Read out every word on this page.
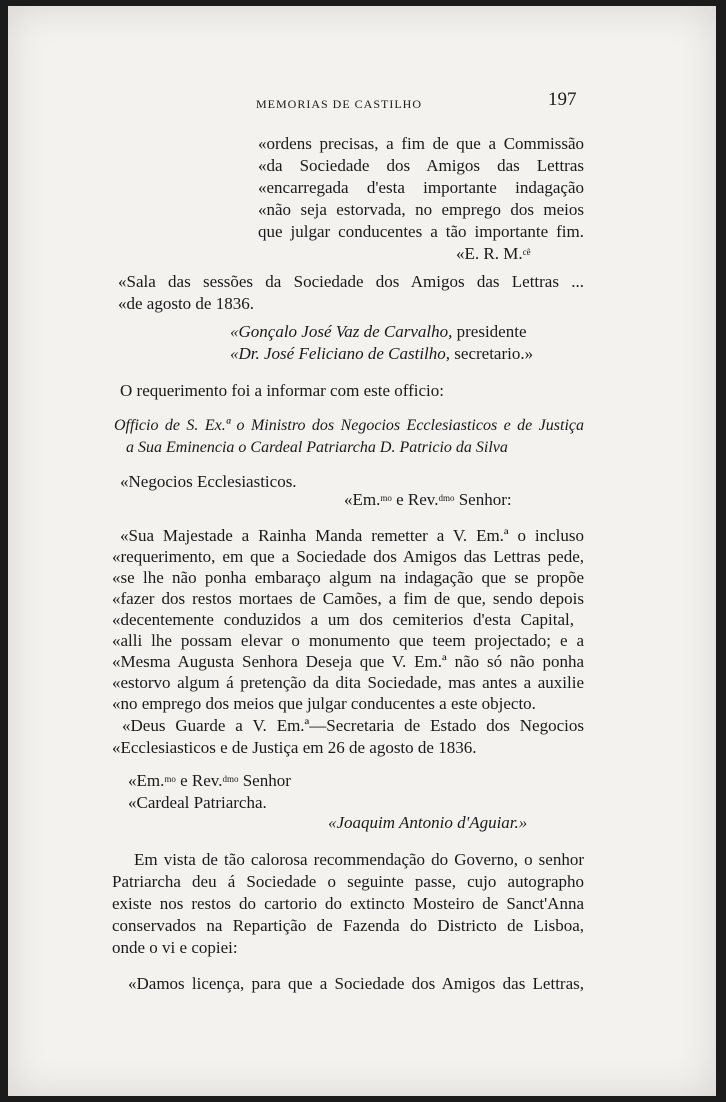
MEMORIAS DE CASTILHO	197

«ordens precisas, a fim de que a Commissão

«da Sociedade dos Amigos das Lettras

«encarregada d'esta importante indagação

«não seja estorvada, no emprego dos meios

que julgar conducentes a tão importante fim.

«E. R. M.$^{cê}$

«Sala das sessões da Sociedade dos Amigos das Lettras ...

«de agosto de 1836.

«Gonçalo José Vaz de Carvalho, presidente

«Dr. José Feliciano de Castilho, secretario.»

O requerimento foi a informar com este officio:

Officio de S. Ex.ª o Ministro dos Negocios Ecclesiasticos e de Justiça

a Sua Eminencia o Cardeal Patriarcha D. Patricio da Silva

«Negocios Ecclesiasticos.

«Em.$^{mo}$ e Rev.$^{dmo}$ Senhor:

«Sua Majestade a Rainha Manda remetter a V. Em.ª o incluso

«requerimento, em que a Sociedade dos Amigos das Lettras pede,

«se lhe não ponha embaraço algum na indagação que se propõe

«fazer dos restos mortaes de Camões, a fim de que, sendo depois

«decentemente conduzidos a um dos cemiterios d'esta Capital,

«alli lhe possam elevar o monumento que teem projectado; e a

«Mesma Augusta Senhora Deseja que V. Em.ª não só não ponha

«estorvo algum á pretenção da dita Sociedade, mas antes a auxilie

«no emprego dos meios que julgar conducentes a este objecto.

«Deus Guarde a V. Em.ª—Secretaria de Estado dos Negocios

«Ecclesiasticos e de Justiça em 26 de agosto de 1836.

«Em.$^{mo}$ e Rev.$^{dmo}$ Senhor

«Cardeal Patriarcha.

«Joaquim Antonio d'Aguiar.»

Em vista de tão calorosa recommendação do Governo, o senhor

Patriarcha deu á Sociedade o seguinte passe, cujo autographo

existe nos restos do cartorio do extincto Mosteiro de Sanct'Anna

conservados na Repartição de Fazenda do Districto de Lisboa,

onde o vi e copiei:

«Damos licença, para que a Sociedade dos Amigos das Lettras,
